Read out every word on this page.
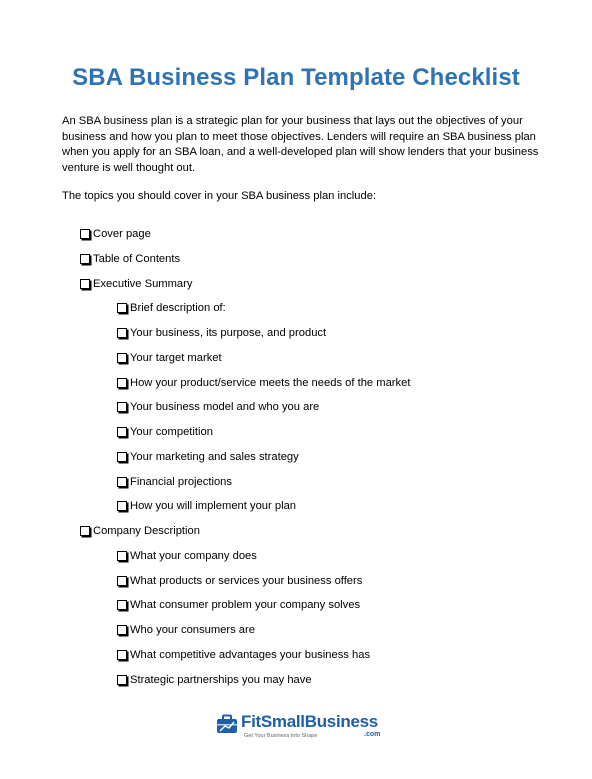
SBA Business Plan Template Checklist
An SBA business plan is a strategic plan for your business that lays out the objectives of your business and how you plan to meet those objectives. Lenders will require an SBA business plan when you apply for an SBA loan, and a well-developed plan will show lenders that your business venture is well thought out.
The topics you should cover in your SBA business plan include:
Cover page
Table of Contents
Executive Summary
Brief description of:
Your business, its purpose, and product
Your target market
How your product/service meets the needs of the market
Your business model and who you are
Your competition
Your marketing and sales strategy
Financial projections
How you will implement your plan
Company Description
What your company does
What products or services your business offers
What consumer problem your company solves
Who your consumers are
What competitive advantages your business has
Strategic partnerships you may have
FitSmallBusiness
.com
Get Your Business Into Shape
